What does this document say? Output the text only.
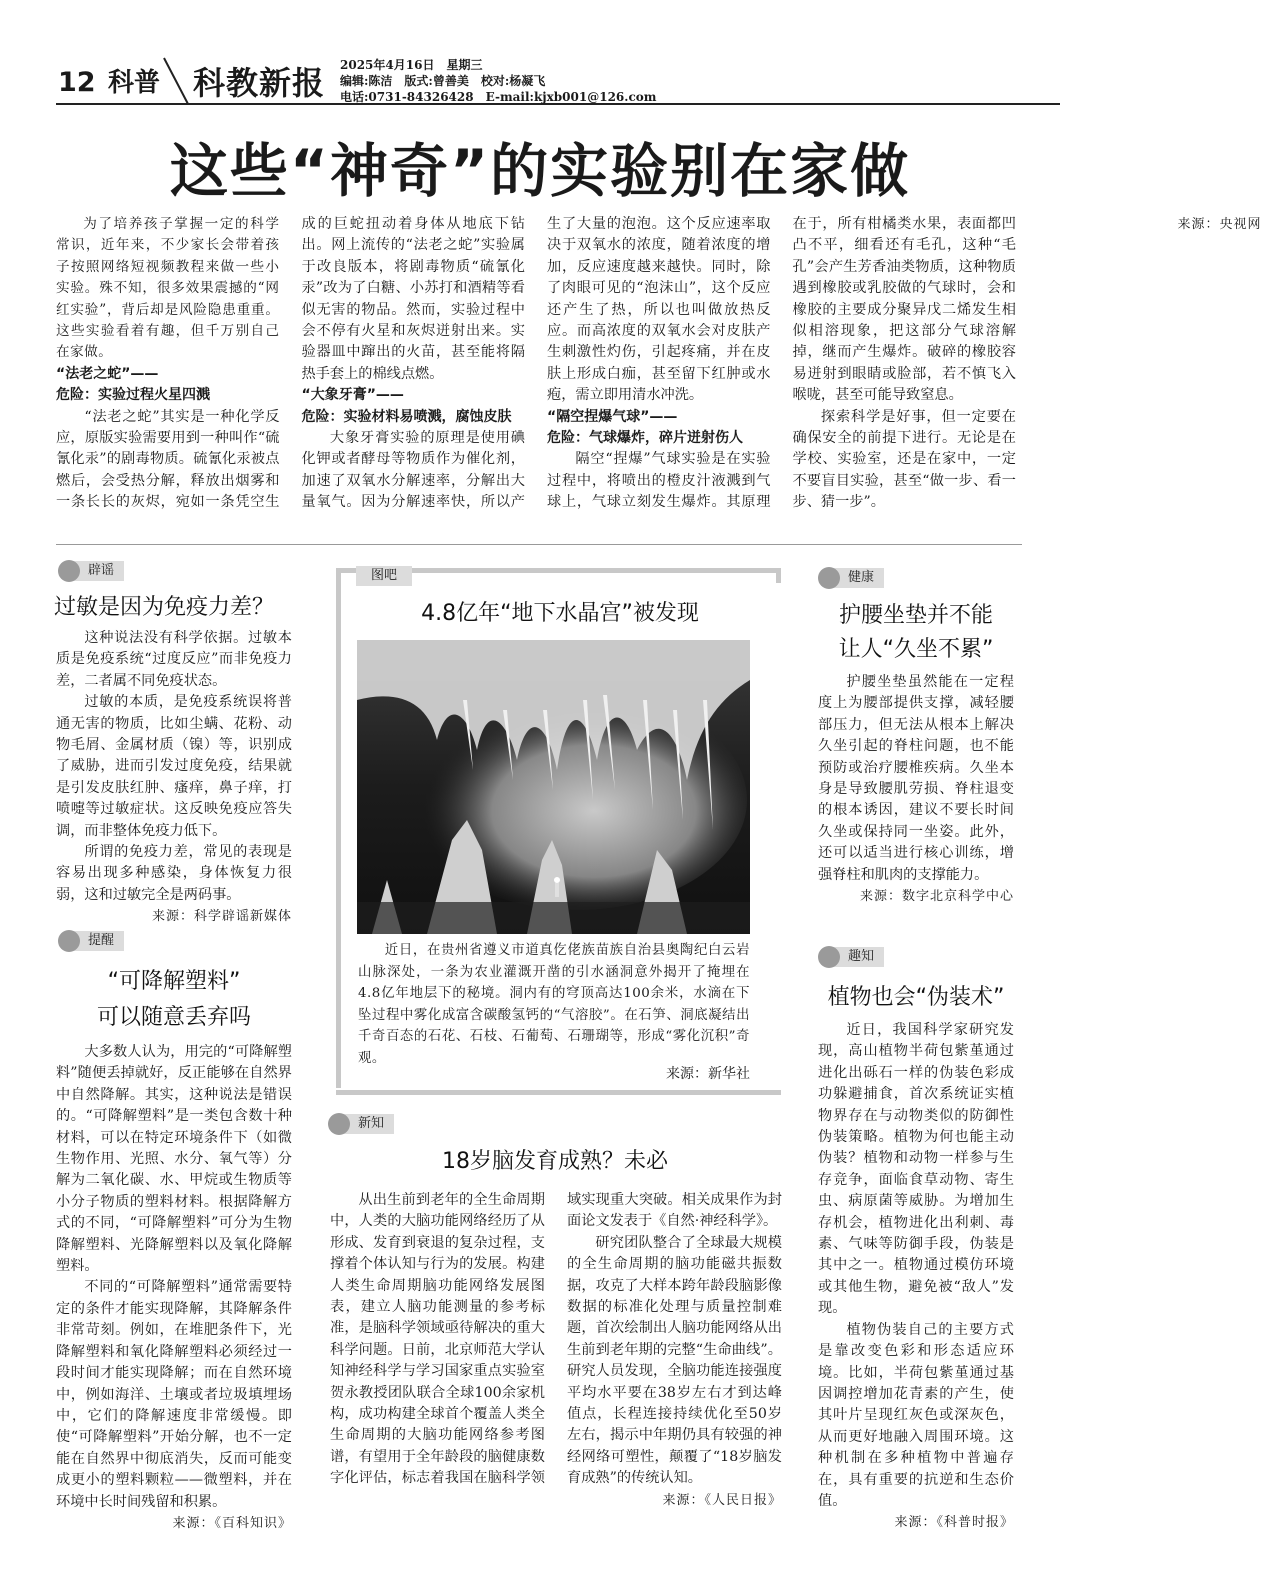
12 科普 科教新报 2025年4月16日　星期三
编辑:陈洁　版式:曾善美　校对:杨凝飞
电话:0731-84326428　E-mail:kjxb001@126.com
这些“神奇”的实验别在家做

为了培养孩子掌握一定的科学常识，近年来，不少家长会带着孩子按照网络短视频教程来做一些小实验。殊不知，很多效果震撼的“网红实验”，背后却是风险隐患重重。这些实验看着有趣，但千万别自己在家做。

“法老之蛇”——

危险：实验过程火星四溅

“法老之蛇”其实是一种化学反应，原版实验需要用到一种叫作“硫氰化汞”的剧毒物质。硫氰化汞被点燃后，会受热分解，释放出烟雾和一条长长的灰烬，宛如一条凭空生成的巨蛇扭动着身体从地底下钻出。网上流传的“法老之蛇”实验属于改良版本，将剧毒物质“硫氰化汞”改为了白糖、小苏打和酒精等看似无害的物品。然而，实验过程中会不停有火星和灰烬迸射出来。实验器皿中蹿出的火苗，甚至能将隔热手套上的棉线点燃。

“大象牙膏”——

危险：实验材料易喷溅，腐蚀皮肤

大象牙膏实验的原理是使用碘化钾或者酵母等物质作为催化剂，加速了双氧水分解速率，分解出大量氧气。因为分解速率快，所以产生了大量的泡泡。这个反应速率取决于双氧水的浓度，随着浓度的增加，反应速度越来越快。同时，除了肉眼可见的“泡沫山”，这个反应还产生了热，所以也叫做放热反应。而高浓度的双氧水会对皮肤产生刺激性灼伤，引起疼痛，并在皮肤上形成白痂，甚至留下红肿或水疱，需立即用清水冲洗。

“隔空捏爆气球”——

危险：气球爆炸，碎片迸射伤人

隔空“捏爆”气球实验是在实验过程中，将喷出的橙皮汁液溅到气球上，气球立刻发生爆炸。其原理在于，所有柑橘类水果，表面都凹凸不平，细看还有毛孔，这种“毛孔”会产生芳香油类物质，这种物质遇到橡胶或乳胶做的气球时，会和橡胶的主要成分聚异戊二烯发生相似相溶现象，把这部分气球溶解掉，继而产生爆炸。破碎的橡胶容易迸射到眼睛或脸部，若不慎飞入喉咙，甚至可能导致窒息。

探索科学是好事，但一定要在确保安全的前提下进行。无论是在学校、实验室，还是在家中，一定不要盲目实验，甚至“做一步、看一步、猜一步”。

来源：央视网

辟谣
过敏是因为免疫力差？

这种说法没有科学依据。过敏本质是免疫系统“过度反应”而非免疫力差，二者属不同免疫状态。

过敏的本质，是免疫系统误将普通无害的物质，比如尘螨、花粉、动物毛屑、金属材质（镍）等，识别成了威胁，进而引发过度免疫，结果就是引发皮肤红肿、瘙痒，鼻子痒，打喷嚏等过敏症状。这反映免疫应答失调，而非整体免疫力低下。

所谓的免疫力差，常见的表现是容易出现多种感染，身体恢复力很弱，这和过敏完全是两码事。

来源：科学辟谣新媒体

提醒
“可降解塑料”
可以随意丢弃吗

大多数人认为，用完的“可降解塑料”随便丢掉就好，反正能够在自然界中自然降解。其实，这种说法是错误的。“可降解塑料”是一类包含数十种材料，可以在特定环境条件下（如微生物作用、光照、水分、氧气等）分解为二氧化碳、水、甲烷或生物质等小分子物质的塑料材料。根据降解方式的不同，“可降解塑料”可分为生物降解塑料、光降解塑料以及氧化降解塑料。

不同的“可降解塑料”通常需要特定的条件才能实现降解，其降解条件非常苛刻。例如，在堆肥条件下，光降解塑料和氧化降解塑料必须经过一段时间才能实现降解；而在自然环境中，例如海洋、土壤或者垃圾填埋场中，它们的降解速度非常缓慢。即使“可降解塑料”开始分解，也不一定能在自然界中彻底消失，反而可能变成更小的塑料颗粒——微塑料，并在环境中长时间残留和积累。

来源：《百科知识》

图吧
4.8亿年“地下水晶宫”被发现
近日，在贵州省遵义市道真仡佬族苗族自治县奥陶纪白云岩山脉深处，一条为农业灌溉开凿的引水涵洞意外揭开了掩埋在4.8亿年地层下的秘境。洞内有的穹顶高达100余米，水滴在下坠过程中雾化成富含碳酸氢钙的“气溶胶”。在石笋、洞底凝结出千奇百态的石花、石枝、石葡萄、石珊瑚等，形成“雾化沉积”奇观。
来源：新华社
新知
18岁脑发育成熟？未必

从出生前到老年的全生命周期中，人类的大脑功能网络经历了从形成、发育到衰退的复杂过程，支撑着个体认知与行为的发展。构建人类生命周期脑功能网络发展图表，建立人脑功能测量的参考标准，是脑科学领域亟待解决的重大科学问题。日前，北京师范大学认知神经科学与学习国家重点实验室贺永教授团队联合全球100余家机构，成功构建全球首个覆盖人类全生命周期的大脑功能网络参考图谱，有望用于全年龄段的脑健康数字化评估，标志着我国在脑科学领域实现重大突破。相关成果作为封面论文发表于《自然·神经科学》。

研究团队整合了全球最大规模的全生命周期的脑功能磁共振数据，攻克了大样本跨年龄段脑影像数据的标准化处理与质量控制难题，首次绘制出人脑功能网络从出生前到老年期的完整“生命曲线”。研究人员发现，全脑功能连接强度平均水平要在38岁左右才到达峰值点，长程连接持续优化至50岁左右，揭示中年期仍具有较强的神经网络可塑性，颠覆了“18岁脑发育成熟”的传统认知。

来源：《人民日报》

健康
护腰坐垫并不能
让人“久坐不累”

护腰坐垫虽然能在一定程度上为腰部提供支撑，减轻腰部压力，但无法从根本上解决久坐引起的脊柱问题，也不能预防或治疗腰椎疾病。久坐本身是导致腰肌劳损、脊柱退变的根本诱因，建议不要长时间久坐或保持同一坐姿。此外，还可以适当进行核心训练，增强脊柱和肌肉的支撑能力。

来源：数字北京科学中心

趣知
植物也会“伪装术”

近日，我国科学家研究发现，高山植物半荷包紫堇通过进化出砾石一样的伪装色彩成功躲避捕食，首次系统证实植物界存在与动物类似的防御性伪装策略。植物为何也能主动伪装？植物和动物一样参与生存竞争，面临食草动物、寄生虫、病原菌等威胁。为增加生存机会，植物进化出利刺、毒素、气味等防御手段，伪装是其中之一。植物通过模仿环境或其他生物，避免被“敌人”发现。

植物伪装自己的主要方式是靠改变色彩和形态适应环境。比如，半荷包紫堇通过基因调控增加花青素的产生，使其叶片呈现红灰色或深灰色，从而更好地融入周围环境。这种机制在多种植物中普遍存在，具有重要的抗逆和生态价值。

来源：《科普时报》
